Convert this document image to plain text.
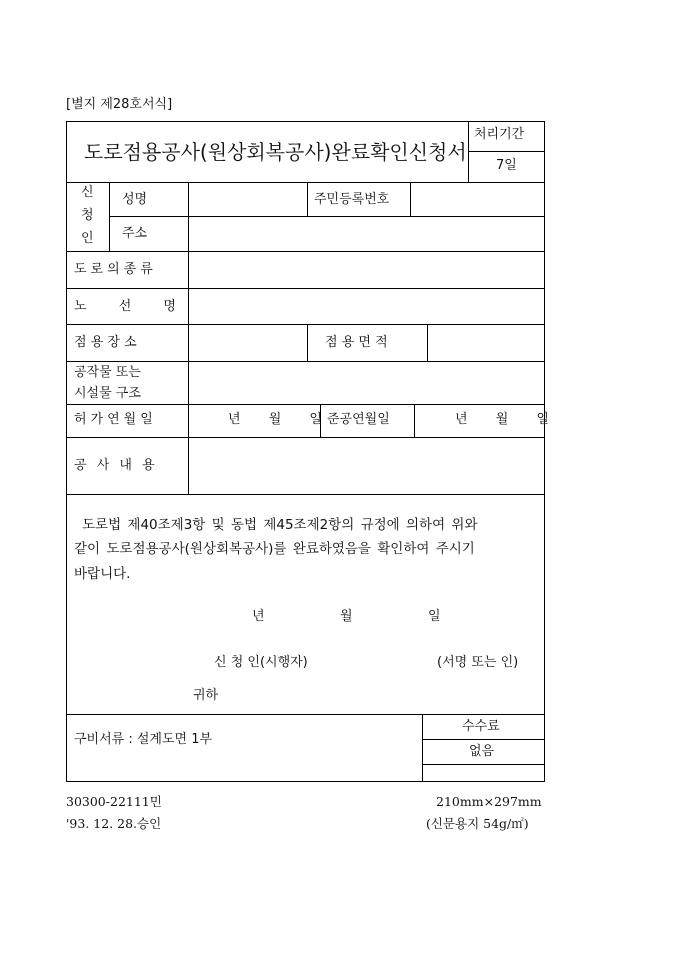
[별지 제28호서식]
도로점용공사(원상회복공사)완료확인신청서
처리기간
7일
신
청
인
성명	주민등록번호
주소
도로의종류
노 선 명
점 용 장 소	점 용 면 적
공작물 또는
시설물 구조
허가연월일	년 월 일 준공연월일	년 월 일
공 사 내 용
도로법 제40조제3항 및 동법 제45조제2항의 규정에 의하여 위와
같이 도로점용공사(원상회복공사)를 완료하였음을 확인하여 주시기
바랍니다.
년	월	일
신 청 인(시행자)	(서명 또는 인)
귀하
구비서류 : 설계도면 1부
수수료
없음
30300-22111민
'93. 12. 28.승인
210mm×297mm
(신문용지 54g/㎡)
